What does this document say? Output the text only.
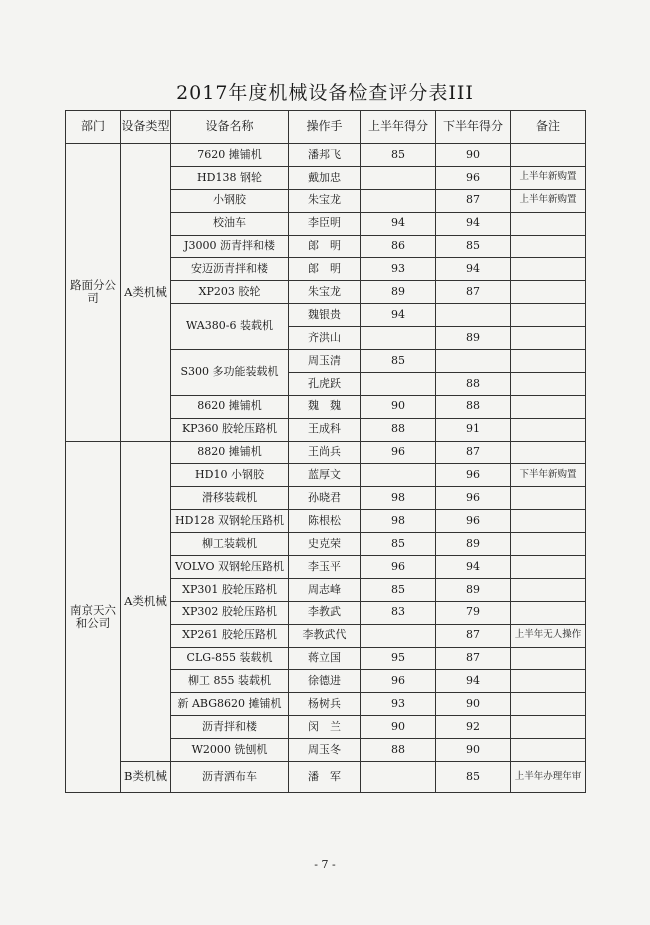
2017年度机械设备检查评分表III
部门	设备类型	设备名称	操作手	上半年得分	下半年得分	备注
路面分公司	A类机械	7620 摊铺机	潘邦飞	85	90	
		HD138 钢轮	戴加忠		96	上半年新购置
		小钢胶	朱宝龙		87	上半年新购置
		校油车	李臣明	94	94	
		J3000 沥青拌和楼	郎　明	86	85	
		安迈沥青拌和楼	郎　明	93	94	
		XP203 胶轮	朱宝龙	89	87	
		WA380-6 装载机	魏银贵	94		
			齐洪山		89	
		S300 多功能装载机	周玉清	85		
			孔虎跃		88	
		8620 摊铺机	魏　魏	90	88	
		KP360 胶轮压路机	王成科	88	91	
南京天六和公司	A类机械	8820 摊铺机	王尚兵	96	87	
		HD10 小钢胶	蓝厚文		96	下半年新购置
		滑移装载机	孙晓君	98	96	
		HD128 双钢轮压路机	陈根松	98	96	
		柳工装载机	史克荣	85	89	
		VOLVO 双钢轮压路机	李玉平	96	94	
		XP301 胶轮压路机	周志峰	85	89	
		XP302 胶轮压路机	李教武	83	79	
		XP261 胶轮压路机	李教武代		87	上半年无人操作
		CLG-855 装载机	蒋立国	95	87	
		柳工 855 装载机	徐德进	96	94	
		新 ABG8620 摊铺机	杨树兵	93	90	
		沥青拌和楼	闵　兰	90	92	
		W2000 铣刨机	周玉冬	88	90	
	B类机械	沥青洒布车	潘　军		85	上半年办理年审
- 7 -
